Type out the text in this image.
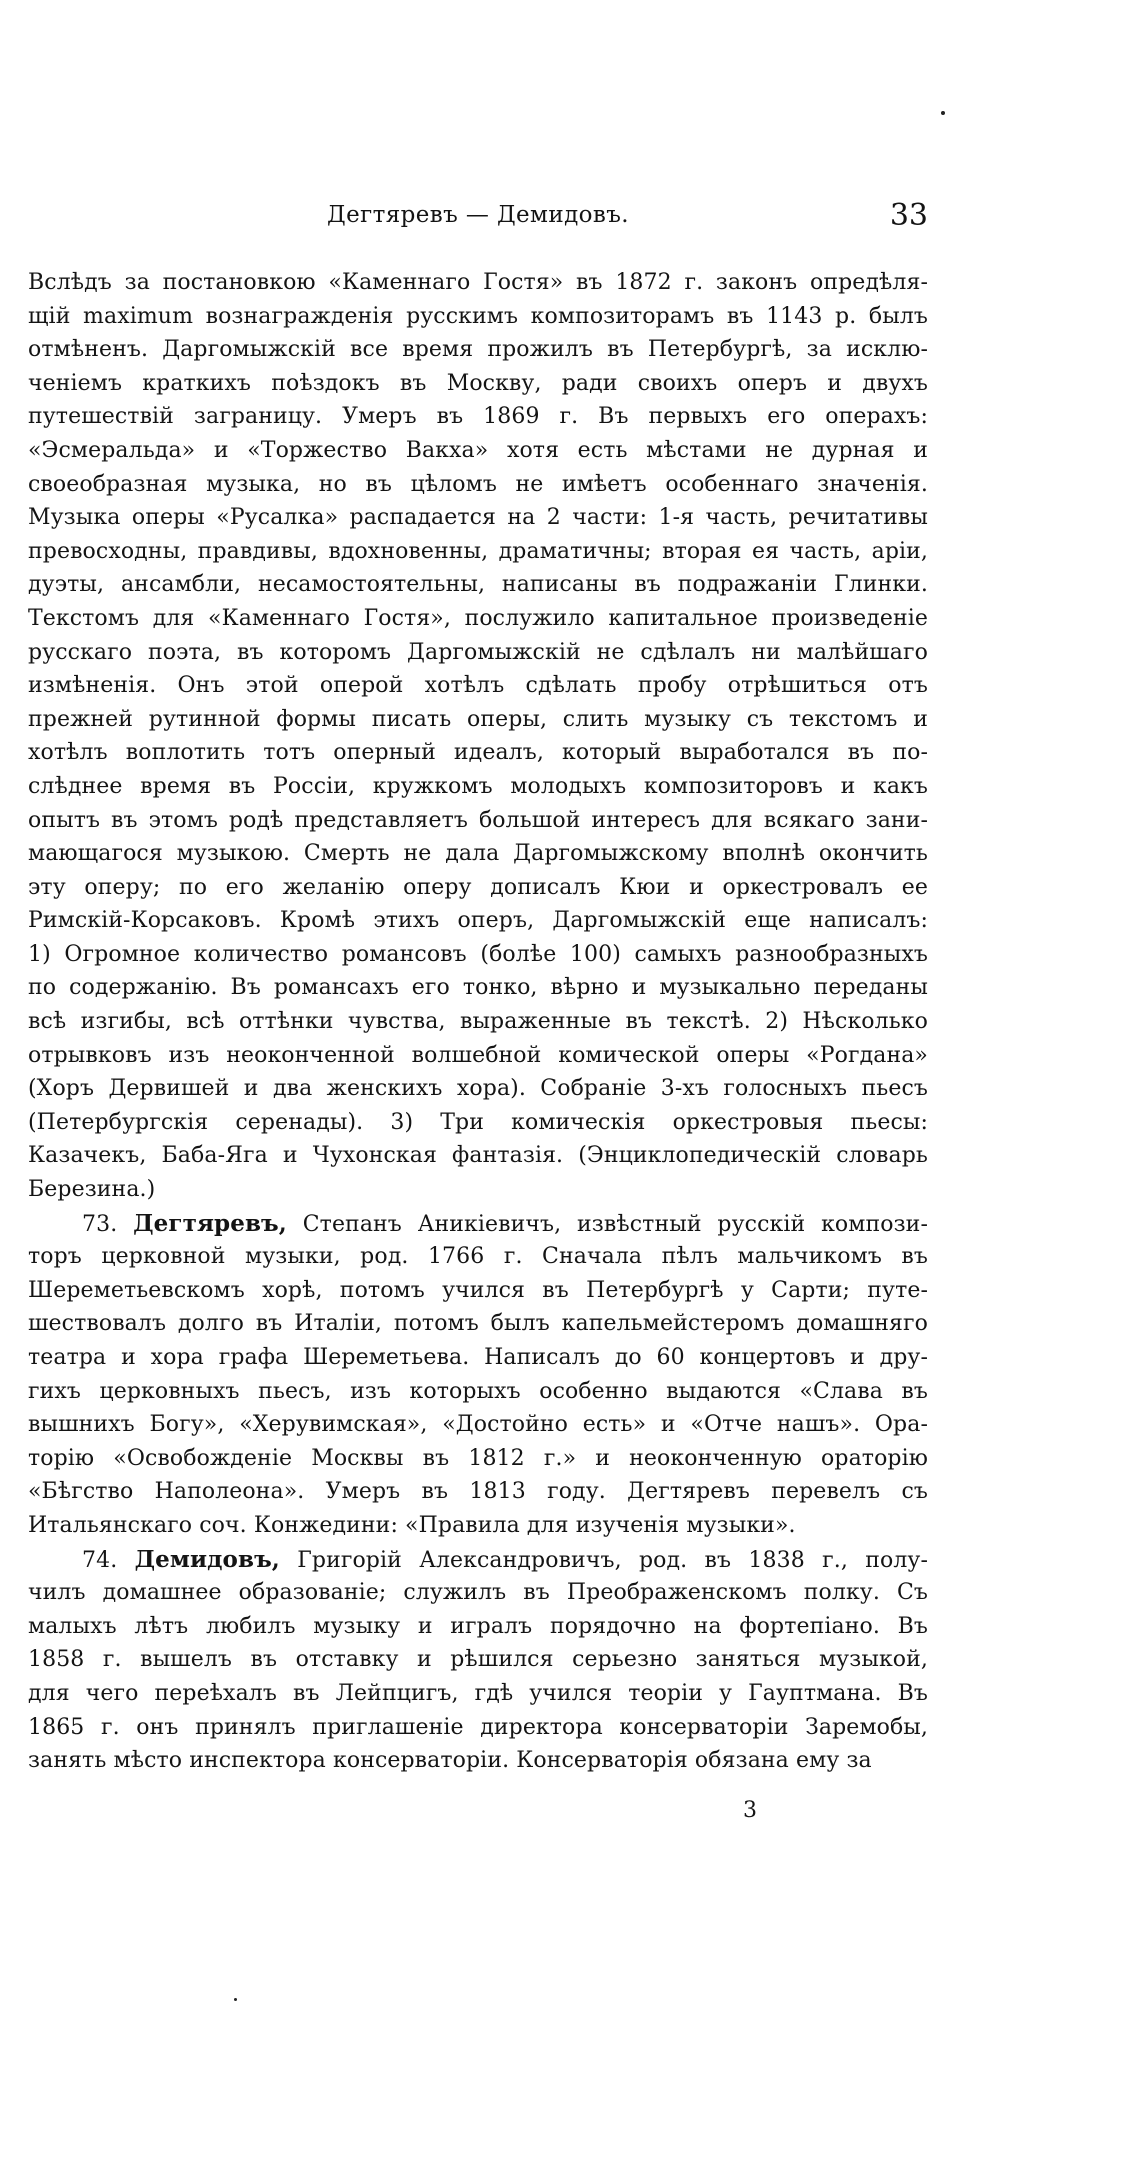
Дегтяревъ — Демидовъ.	33
Вслѣдъ за постановкою «Каменнаго Гостя» въ 1872 г. законъ опредѣля-
щій maximum вознагражденія русскимъ композиторамъ въ 1143 р. былъ
отмѣненъ. Даргомыжскій все время прожилъ въ Петербургѣ, за исклю-
ченіемъ краткихъ поѣздокъ въ Москву, ради своихъ оперъ и двухъ
путешествій заграницу. Умеръ въ 1869 г. Въ первыхъ его операхъ:
«Эсмеральда» и «Торжество Вакха» хотя есть мѣстами не дурная и
своеобразная музыка, но въ цѣломъ не имѣетъ особеннаго значенія.
Музыка оперы «Русалка» распадается на 2 части: 1-я часть, речитативы
превосходны, правдивы, вдохновенны, драматичны; вторая ея часть, аріи,
дуэты, ансамбли, несамостоятельны, написаны въ подражаніи Глинки.
Текстомъ для «Каменнаго Гостя», послужило капитальное произведеніе
русскаго поэта, въ которомъ Даргомыжскій не сдѣлалъ ни малѣйшаго
измѣненія. Онъ этой оперой хотѣлъ сдѣлать пробу отрѣшиться отъ
прежней рутинной формы писать оперы, слить музыку съ текстомъ и
хотѣлъ воплотить тотъ оперный идеалъ, который выработался въ по-
слѣднее время въ Россіи, кружкомъ молодыхъ композиторовъ и какъ
опытъ въ этомъ родѣ представляетъ большой интересъ для всякаго зани-
мающагося музыкою. Смерть не дала Даргомыжскому вполнѣ окончить
эту оперу; по его желанію оперу дописалъ Кюи и оркестровалъ ее
Римскій-Корсаковъ. Кромѣ этихъ оперъ, Даргомыжскій еще написалъ:
1) Огромное количество романсовъ (болѣе 100) самыхъ разнообразныхъ
по содержанію. Въ романсахъ его тонко, вѣрно и музыкально переданы
всѣ изгибы, всѣ оттѣнки чувства, выраженные въ текстѣ. 2) Нѣсколько
отрывковъ изъ неоконченной волшебной комической оперы «Рогдана»
(Хоръ Дервишей и два женскихъ хора). Собраніе 3-хъ голосныхъ пьесъ
(Петербургскія серенады). 3) Три комическія оркестровыя пьесы:
Казачекъ, Баба-Яга и Чухонская фантазія. (Энциклопедическій словарь
Березина.)
73. Дегтяревъ, Степанъ Аникіевичъ, извѣстный русскій компози-
торъ церковной музыки, род. 1766 г. Сначала пѣлъ мальчикомъ въ
Шереметьевскомъ хорѣ, потомъ учился въ Петербургѣ у Сарти; путе-
шествовалъ долго въ Италіи, потомъ былъ капельмейстеромъ домашняго
театра и хора графа Шереметьева. Написалъ до 60 концертовъ и дру-
гихъ церковныхъ пьесъ, изъ которыхъ особенно выдаются «Слава въ
вышнихъ Богу», «Херувимская», «Достойно есть» и «Отче нашъ». Ора-
торію «Освобожденіе Москвы въ 1812 г.» и неоконченную ораторію
«Бѣгство Наполеона». Умеръ въ 1813 году. Дегтяревъ перевелъ съ
Итальянскаго соч. Конжедини: «Правила для изученія музыки».
74. Демидовъ, Григорій Александровичъ, род. въ 1838 г., полу-
чилъ домашнее образованіе; служилъ въ Преображенскомъ полку. Съ
малыхъ лѣтъ любилъ музыку и игралъ порядочно на фортепіано. Въ
1858 г. вышелъ въ отставку и рѣшился серьезно заняться музыкой,
для чего переѣхалъ въ Лейпцигъ, гдѣ учился теоріи у Гауптмана. Въ
1865 г. онъ принялъ приглашеніе директора консерваторіи Заремобы,
занять мѣсто инспектора консерваторіи. Консерваторія обязана ему за
3
